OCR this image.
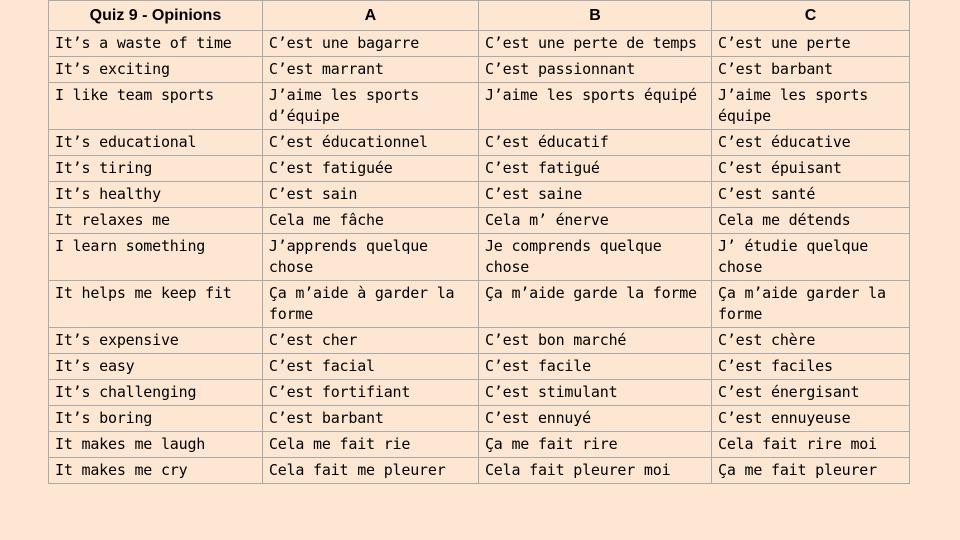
Quiz 9 - Opinions	A	B	C
It’s a waste of time	C’est une bagarre	C’est une perte de temps	C’est une perte
It’s exciting	C’est marrant	C’est passionnant	C’est barbant
I like team sports	J’aime les sports d’équipe	J’aime les sports équipé	J’aime les sports équipe
It’s educational	C’est éducationnel	C’est éducatif	C’est éducative
It’s tiring	C’est fatiguée	C’est fatigué	C’est épuisant
It’s healthy	C’est sain	C’est saine	C’est santé
It relaxes me	Cela me fâche	Cela m’ énerve	Cela me détends
I learn something	J’apprends quelque chose	Je comprends quelque chose	J’ étudie quelque chose
It helps me keep fit	Ça m’aide à garder la forme	Ça m’aide garde la forme	Ça m’aide garder la forme
It’s expensive	C’est cher	C’est bon marché	C’est chère
It’s easy	C’est facial	C’est facile	C’est faciles
It’s challenging	C’est fortifiant	C’est stimulant	C’est énergisant
It’s boring	C’est barbant	C’est ennuyé	C’est ennuyeuse
It makes me laugh	Cela me fait rie	Ça me fait rire	Cela fait rire moi
It makes me cry	Cela fait me pleurer	Cela fait pleurer moi	Ça me fait pleurer
